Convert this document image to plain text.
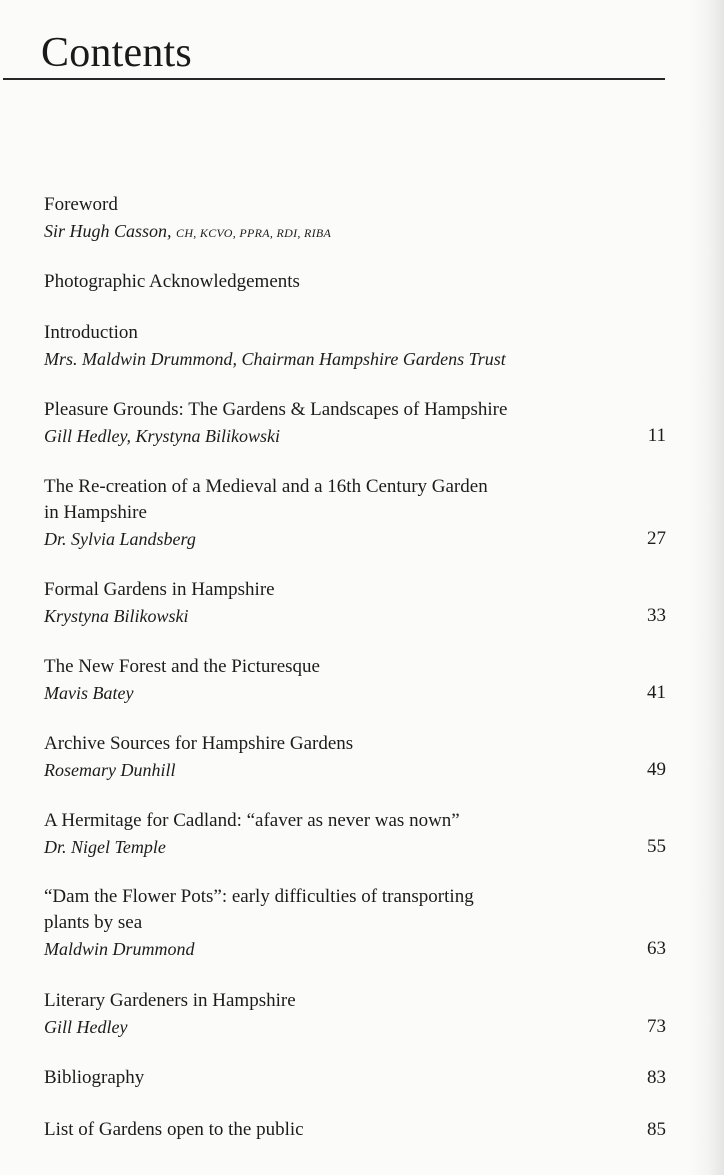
Contents
Foreword
Sir Hugh Casson, CH, KCVO, PPRA, RDI, RIBA
Photographic Acknowledgements
Introduction
Mrs. Maldwin Drummond, Chairman Hampshire Gardens Trust
Pleasure Grounds: The Gardens & Landscapes of Hampshire
Gill Hedley, Krystyna Bilikowski	11
The Re-creation of a Medieval and a 16th Century Garden
in Hampshire
Dr. Sylvia Landsberg	27
Formal Gardens in Hampshire
Krystyna Bilikowski	33
The New Forest and the Picturesque
Mavis Batey	41
Archive Sources for Hampshire Gardens
Rosemary Dunhill	49
A Hermitage for Cadland: “afaver as never was nown”
Dr. Nigel Temple	55
“Dam the Flower Pots”: early difficulties of transporting
plants by sea
Maldwin Drummond	63
Literary Gardeners in Hampshire
Gill Hedley	73
Bibliography	83
List of Gardens open to the public	85
